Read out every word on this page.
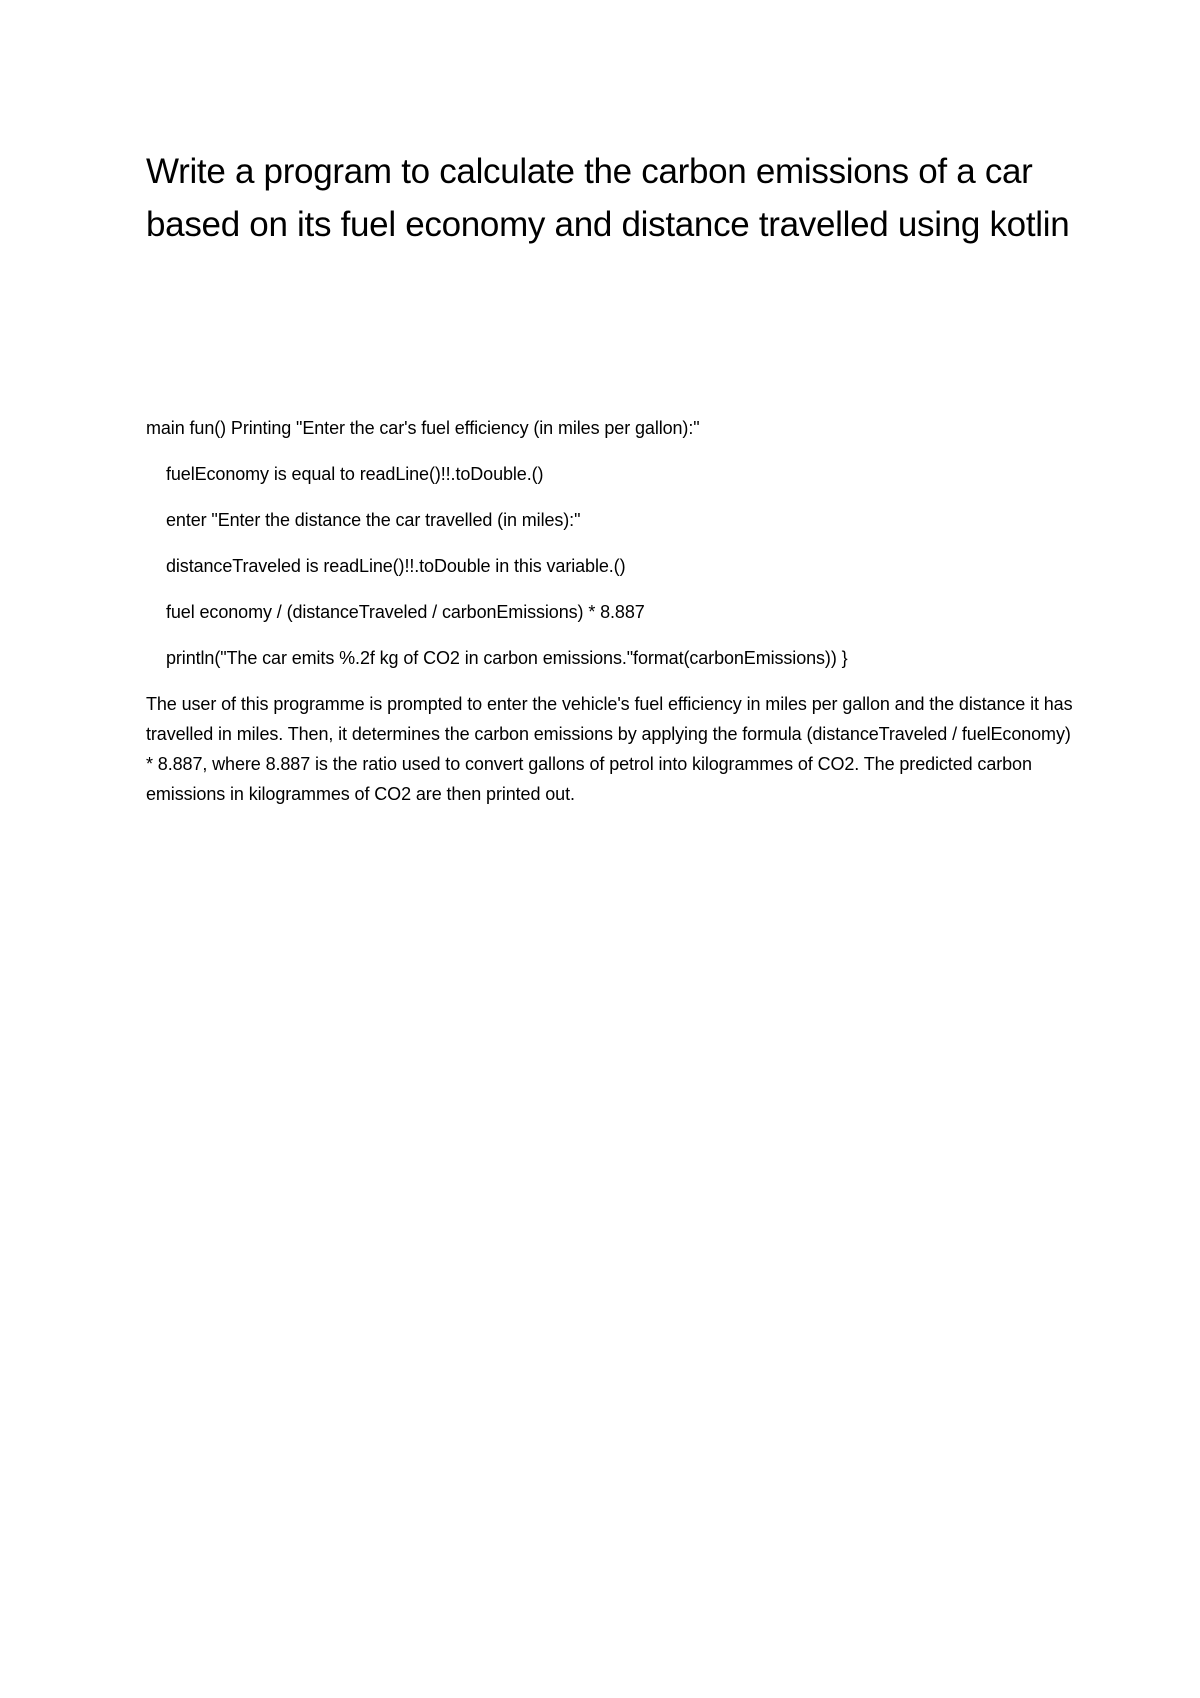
Write a program to calculate the carbon emissions of a car based on its fuel economy and distance travelled using kotlin
main fun() Printing "Enter the car's fuel efficiency (in miles per gallon):"
fuelEconomy is equal to readLine()!!.toDouble.()
enter "Enter the distance the car travelled (in miles):"
distanceTraveled is readLine()!!.toDouble in this variable.()
fuel economy / (distanceTraveled / carbonEmissions) * 8.887
println("The car emits %.2f kg of CO2 in carbon emissions."format(carbonEmissions)) }

The user of this programme is prompted to enter the vehicle's fuel efficiency in miles per gallon and the distance it has travelled in miles. Then, it determines the carbon emissions by applying the formula (distanceTraveled / fuelEconomy) * 8.887, where 8.887 is the ratio used to convert gallons of petrol into kilogrammes of CO2. The predicted carbon emissions in kilogrammes of CO2 are then printed out.
